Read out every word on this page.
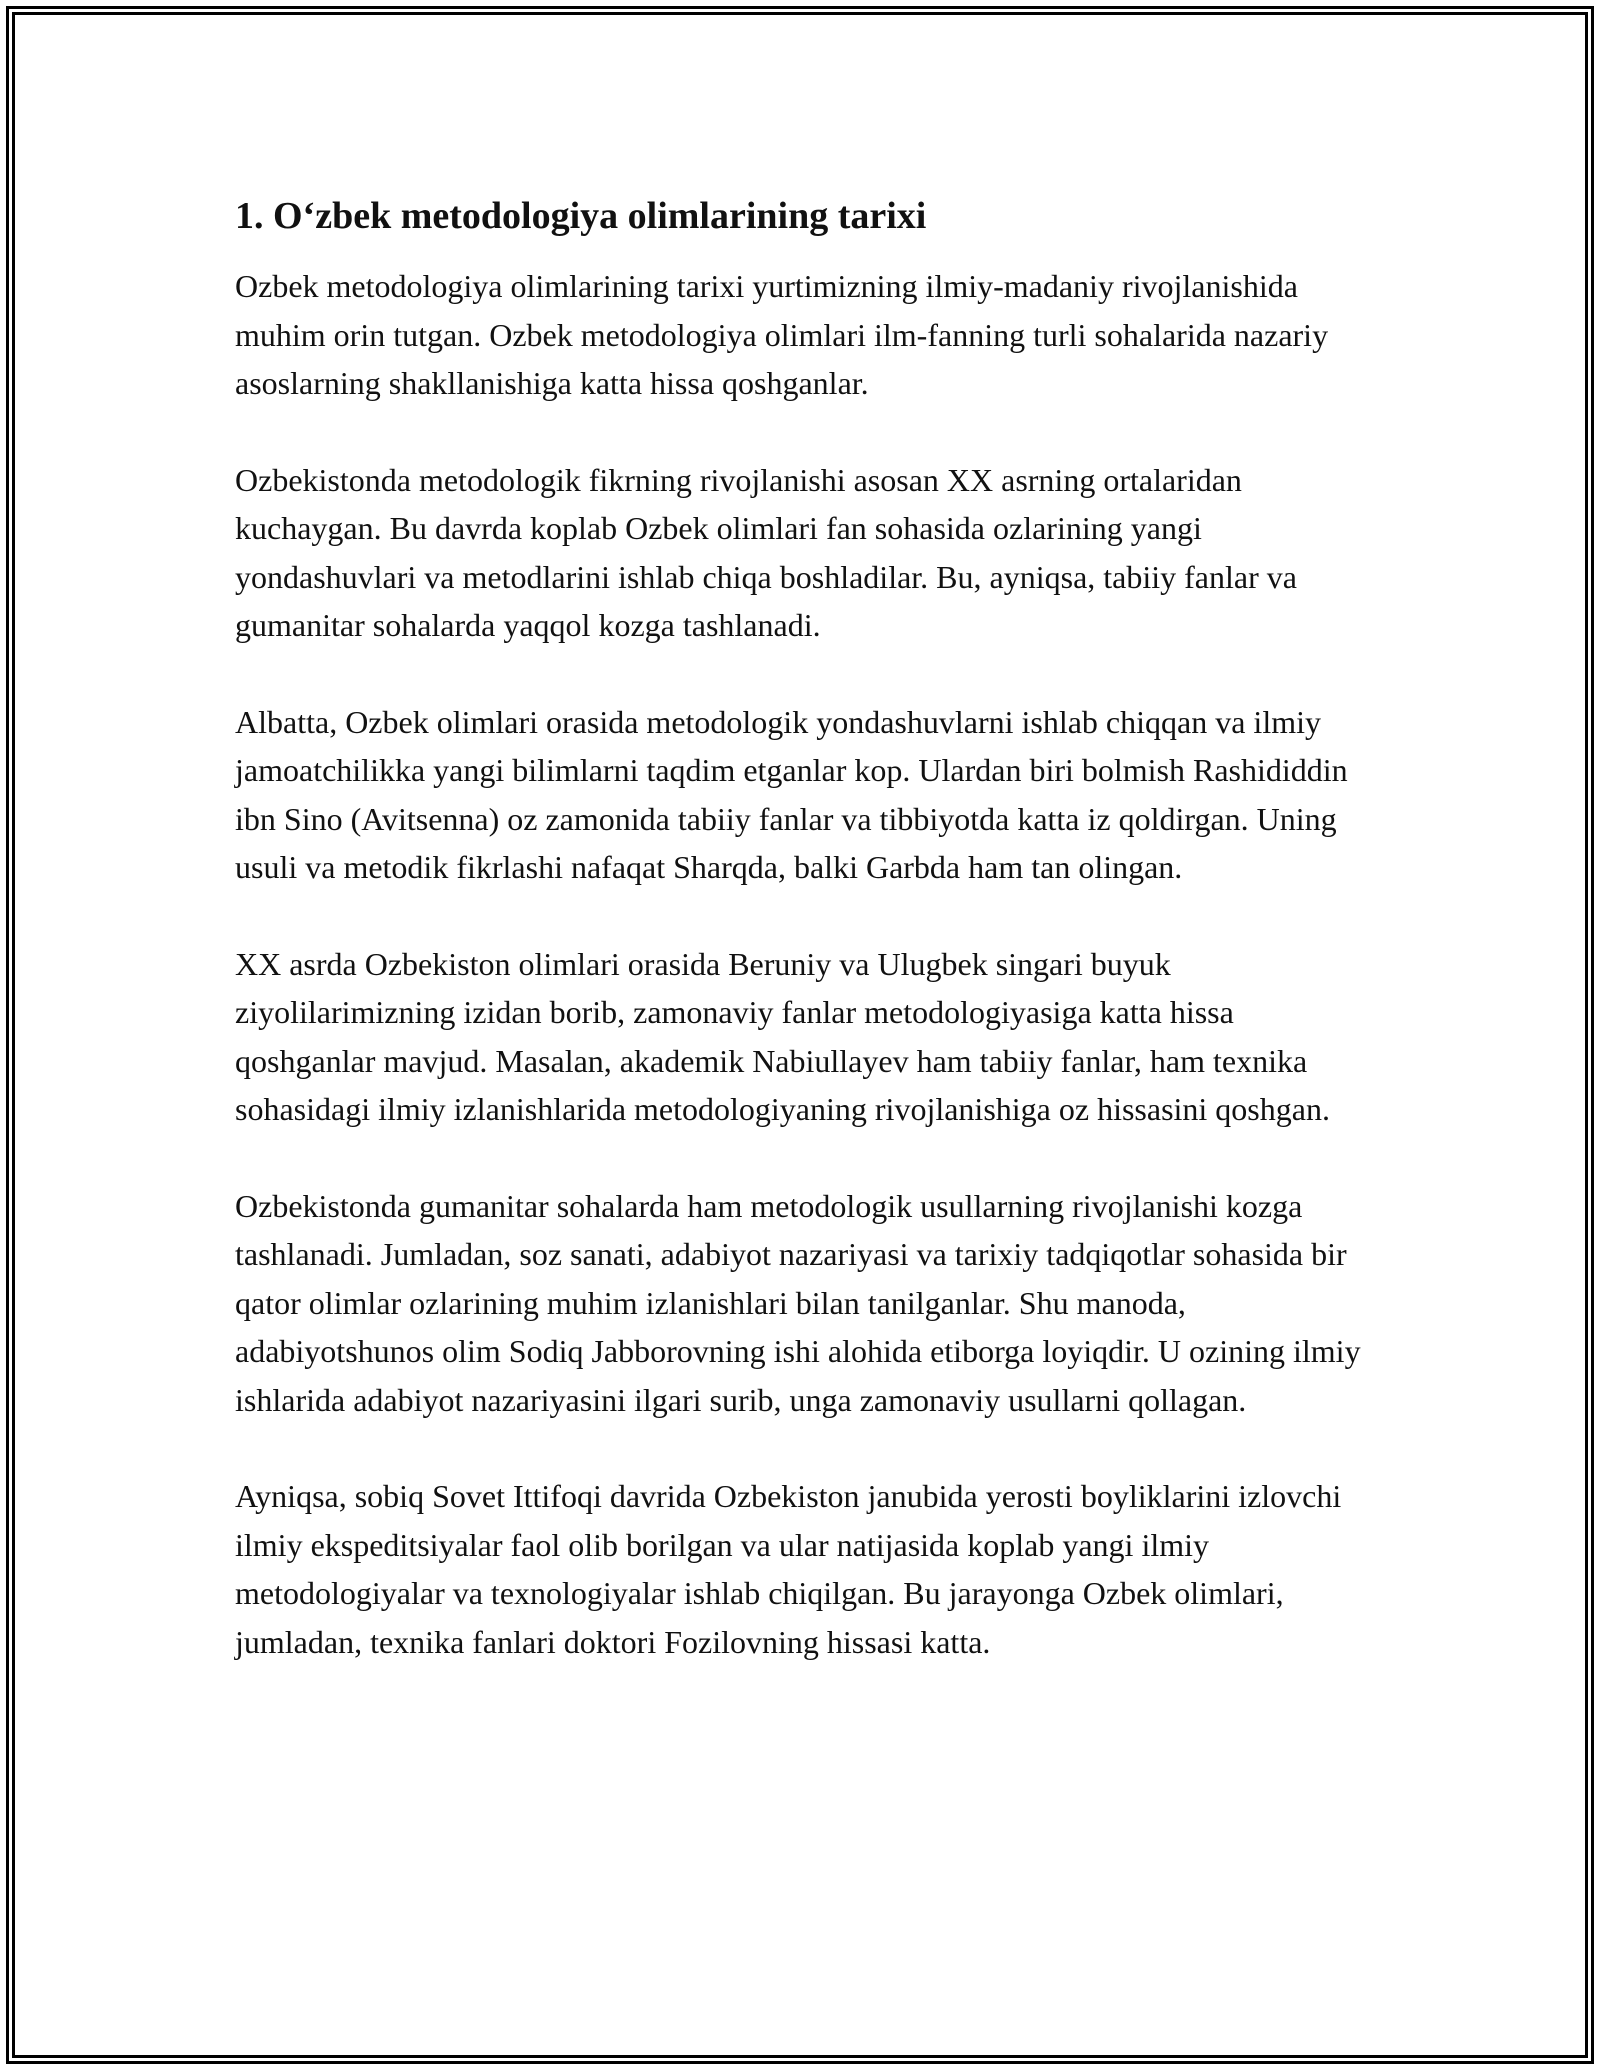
1. O‘zbek metodologiya olimlarining tarixi

Ozbek metodologiya olimlarining tarixi yurtimizning ilmiy-madaniy rivojlanishida muhim orin tutgan. Ozbek metodologiya olimlari ilm-fanning turli sohalarida nazariy asoslarning shakllanishiga katta hissa qoshganlar.

Ozbekistonda metodologik fikrning rivojlanishi asosan XX asrning ortalaridan kuchaygan. Bu davrda koplab Ozbek olimlari fan sohasida ozlarining yangi yondashuvlari va metodlarini ishlab chiqa boshladilar. Bu, ayniqsa, tabiiy fanlar va gumanitar sohalarda yaqqol kozga tashlanadi.

Albatta, Ozbek olimlari orasida metodologik yondashuvlarni ishlab chiqqan va ilmiy jamoatchilikka yangi bilimlarni taqdim etganlar kop. Ulardan biri bolmish Rashididdin ibn Sino (Avitsenna) oz zamonida tabiiy fanlar va tibbiyotda katta iz qoldirgan. Uning usuli va metodik fikrlashi nafaqat Sharqda, balki Garbda ham tan olingan.

XX asrda Ozbekiston olimlari orasida Beruniy va Ulugbek singari buyuk ziyolilarimizning izidan borib, zamonaviy fanlar metodologiyasiga katta hissa qoshganlar mavjud. Masalan, akademik Nabiullayev ham tabiiy fanlar, ham texnika sohasidagi ilmiy izlanishlarida metodologiyaning rivojlanishiga oz hissasini qoshgan.

Ozbekistonda gumanitar sohalarda ham metodologik usullarning rivojlanishi kozga tashlanadi. Jumladan, soz sanati, adabiyot nazariyasi va tarixiy tadqiqotlar sohasida bir qator olimlar ozlarining muhim izlanishlari bilan tanilganlar. Shu manoda, adabiyotshunos olim Sodiq Jabborovning ishi alohida etiborga loyiqdir. U ozining ilmiy ishlarida adabiyot nazariyasini ilgari surib, unga zamonaviy usullarni qollagan.

Ayniqsa, sobiq Sovet Ittifoqi davrida Ozbekiston janubida yerosti boyliklarini izlovchi ilmiy ekspeditsiyalar faol olib borilgan va ular natijasida koplab yangi ilmiy metodologiyalar va texnologiyalar ishlab chiqilgan. Bu jarayonga Ozbek olimlari, jumladan, texnika fanlari doktori Fozilovning hissasi katta.
